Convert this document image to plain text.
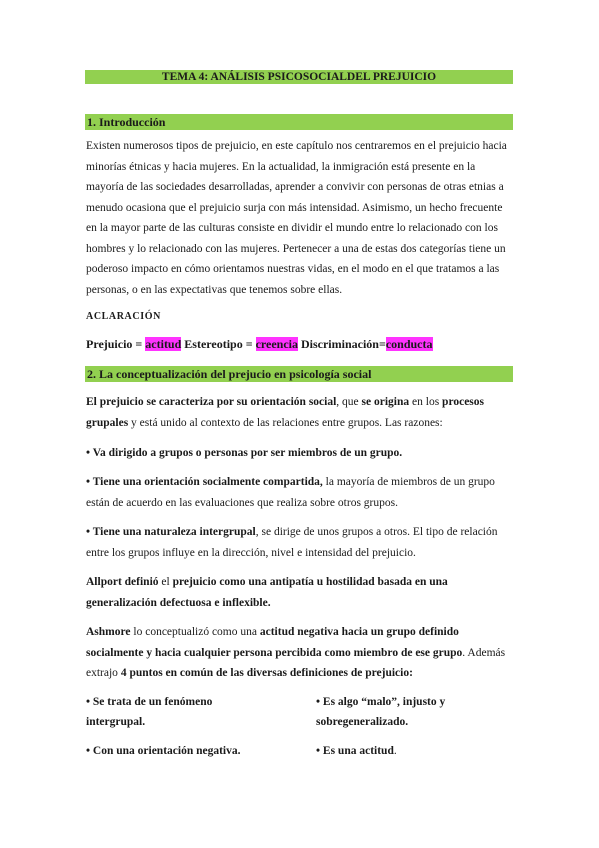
TEMA 4: ANÁLISIS PSICOSOCIALDEL PREJUICIO
1. Introducción

Existen numerosos tipos de prejuicio, en este capítulo nos centraremos en el prejuicio hacia minorías étnicas y hacia mujeres. En la actualidad, la inmigración está presente en la mayoría de las sociedades desarrolladas, aprender a convivir con personas de otras etnias a menudo ocasiona que el prejuicio surja con más intensidad. Asimismo, un hecho frecuente en la mayor parte de las culturas consiste en dividir el mundo entre lo relacionado con los hombres y lo relacionado con las mujeres. Pertenecer a una de estas dos categorías tiene un poderoso impacto en cómo orientamos nuestras vidas, en el modo en el que tratamos a las personas, o en las expectativas que tenemos sobre ellas.

ACLARACIÓN
Prejuicio = actitud Estereotipo = creencia Discriminación=conducta
2. La conceptualización del prejucio en psicología social

El prejuicio se caracteriza por su orientación social, que se origina en los procesos grupales y está unido al contexto de las relaciones entre grupos. Las razones:

• Va dirigido a grupos o personas por ser miembros de un grupo.

• Tiene una orientación socialmente compartida, la mayoría de miembros de un grupo están de acuerdo en las evaluaciones que realiza sobre otros grupos.

• Tiene una naturaleza intergrupal, se dirige de unos grupos a otros. El tipo de relación entre los grupos influye en la dirección, nivel e intensidad del prejuicio.

Allport definió el prejuicio como una antipatía u hostilidad basada en una generalización defectuosa e inflexible.

Ashmore lo conceptualizó como una actitud negativa hacia un grupo definido socialmente y hacia cualquier persona percibida como miembro de ese grupo. Además extrajo 4 puntos en común de las diversas definiciones de prejuicio:

• Se trata de un fenómeno intergrupal.
• Es algo “malo”, injusto y sobregeneralizado.
• Con una orientación negativa.	• Es una actitud.
